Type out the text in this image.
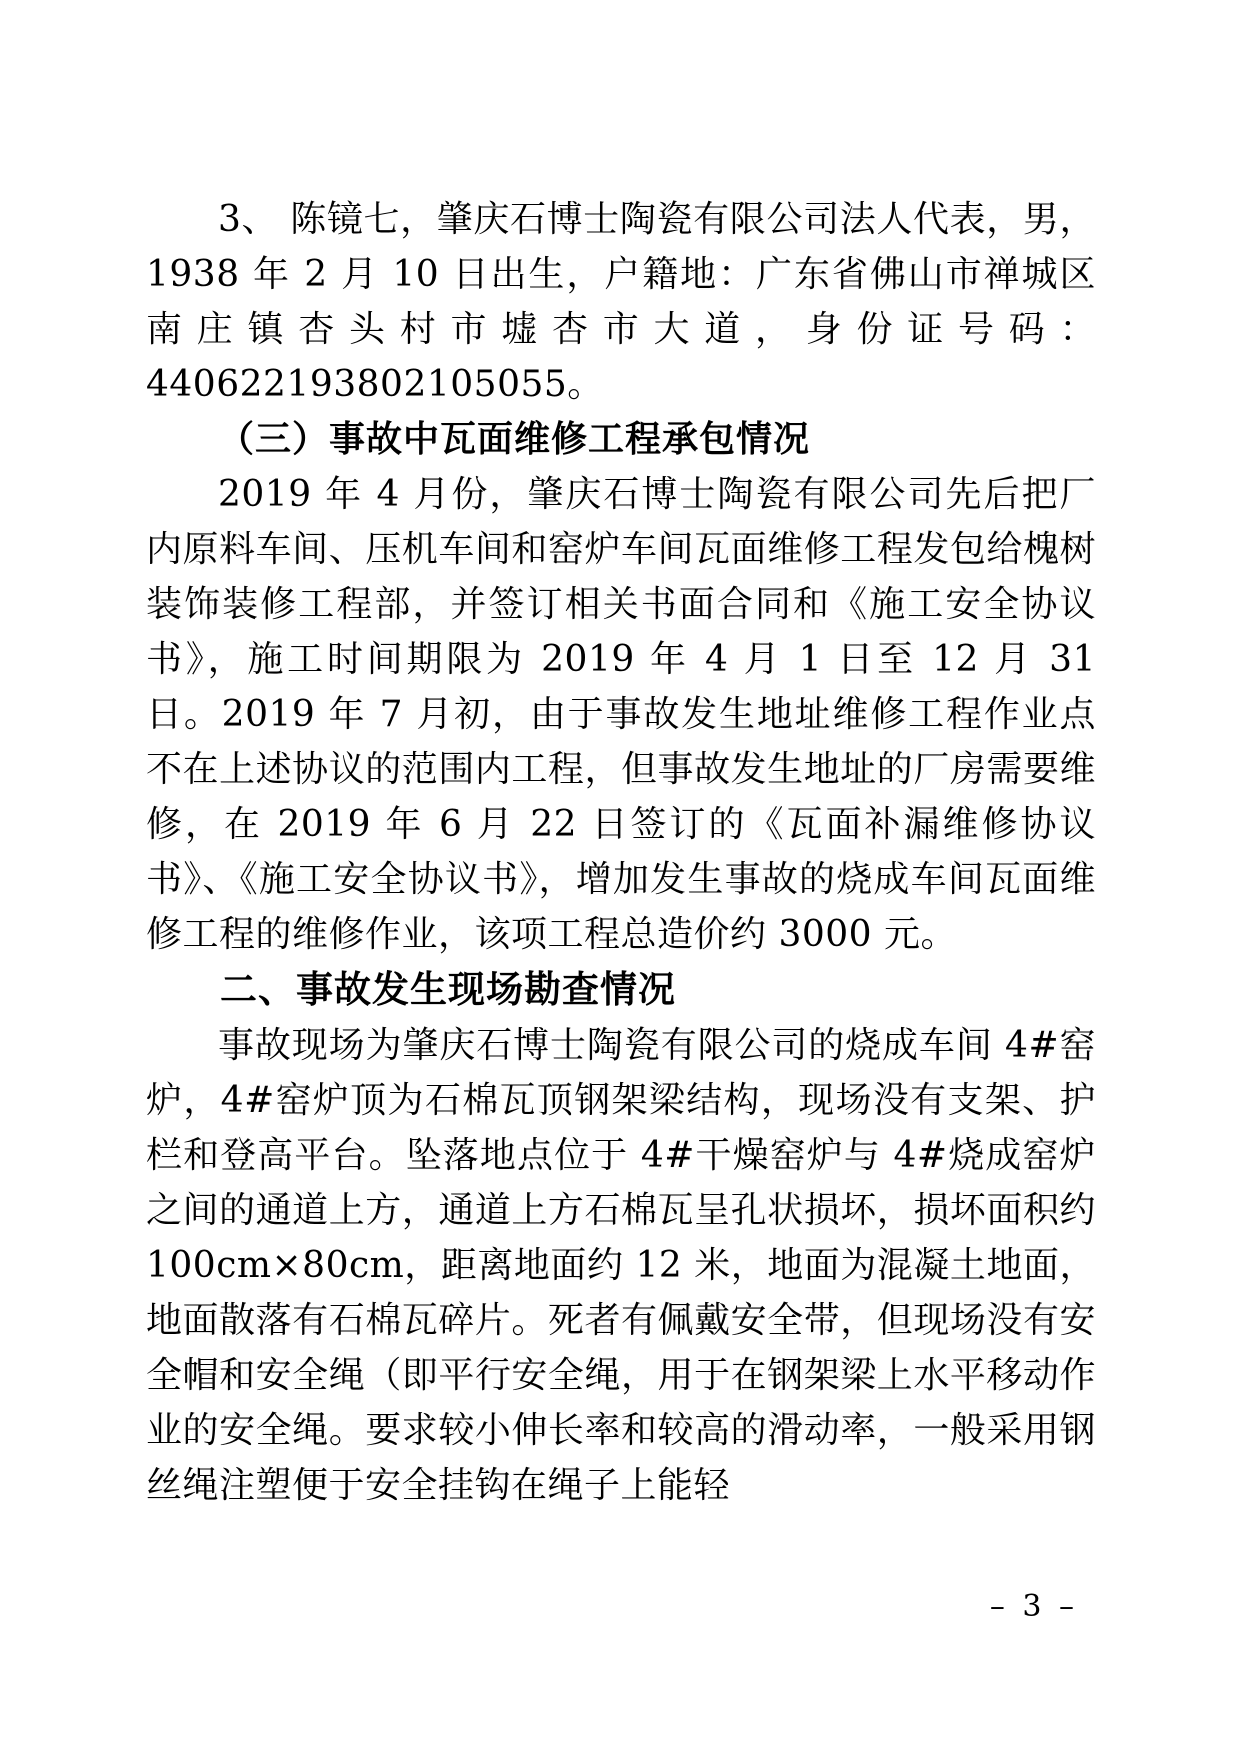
3、 陈镜七，肇庆石博士陶瓷有限公司法人代表，男，1938 年 2 月 10 日出生，户籍地：广东省佛山市禅城区南庄镇杏头村市墟杏市大道，身份证号码：440622193802105055。

（三）事故中瓦面维修工程承包情况

2019 年 4 月份，肇庆石博士陶瓷有限公司先后把厂内原料车间、压机车间和窑炉车间瓦面维修工程发包给槐树装饰装修工程部，并签订相关书面合同和《施工安全协议书》，施工时间期限为 2019 年 4 月 1 日至 12 月 31 日。2019 年 7 月初，由于事故发生地址维修工程作业点不在上述协议的范围内工程，但事故发生地址的厂房需要维修，在 2019 年 6 月 22 日签订的《瓦面补漏维修协议书》、《施工安全协议书》，增加发生事故的烧成车间瓦面维修工程的维修作业，该项工程总造价约 3000 元。

二、事故发生现场勘查情况

事故现场为肇庆石博士陶瓷有限公司的烧成车间 4#窑炉，4#窑炉顶为石棉瓦顶钢架梁结构，现场没有支架、护栏和登高平台。坠落地点位于 4#干燥窑炉与 4#烧成窑炉之间的通道上方，通道上方石棉瓦呈孔状损坏，损坏面积约 100cm×80cm，距离地面约 12 米，地面为混凝土地面，地面散落有石棉瓦碎片。死者有佩戴安全带，但现场没有安全帽和安全绳（即平行安全绳，用于在钢架梁上水平移动作业的安全绳。要求较小伸长率和较高的滑动率，一般采用钢丝绳注塑便于安全挂钩在绳子上能轻

– 3 –
